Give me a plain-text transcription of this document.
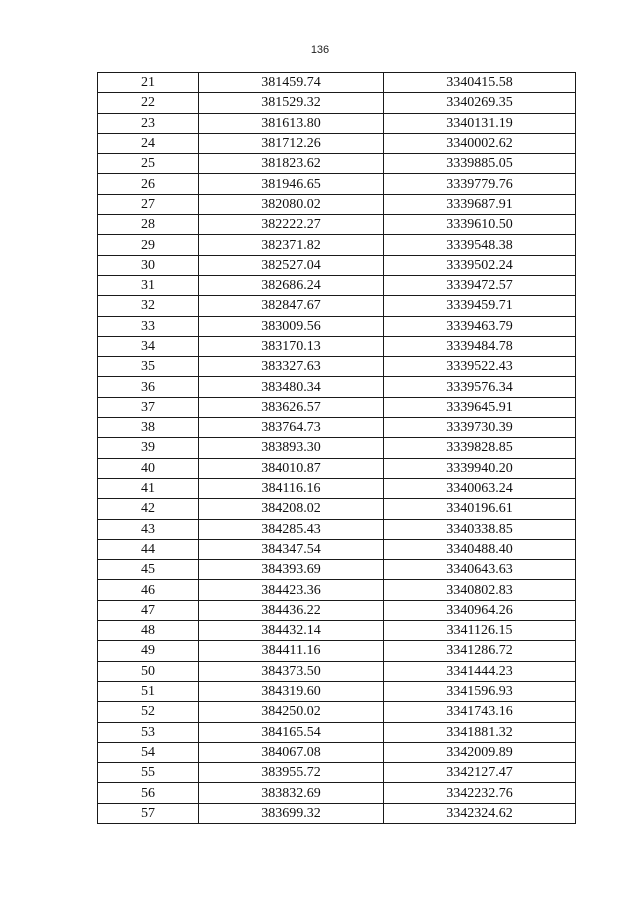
136
21	381459.74	3340415.58
22	381529.32	3340269.35
23	381613.80	3340131.19
24	381712.26	3340002.62
25	381823.62	3339885.05
26	381946.65	3339779.76
27	382080.02	3339687.91
28	382222.27	3339610.50
29	382371.82	3339548.38
30	382527.04	3339502.24
31	382686.24	3339472.57
32	382847.67	3339459.71
33	383009.56	3339463.79
34	383170.13	3339484.78
35	383327.63	3339522.43
36	383480.34	3339576.34
37	383626.57	3339645.91
38	383764.73	3339730.39
39	383893.30	3339828.85
40	384010.87	3339940.20
41	384116.16	3340063.24
42	384208.02	3340196.61
43	384285.43	3340338.85
44	384347.54	3340488.40
45	384393.69	3340643.63
46	384423.36	3340802.83
47	384436.22	3340964.26
48	384432.14	3341126.15
49	384411.16	3341286.72
50	384373.50	3341444.23
51	384319.60	3341596.93
52	384250.02	3341743.16
53	384165.54	3341881.32
54	384067.08	3342009.89
55	383955.72	3342127.47
56	383832.69	3342232.76
57	383699.32	3342324.62
